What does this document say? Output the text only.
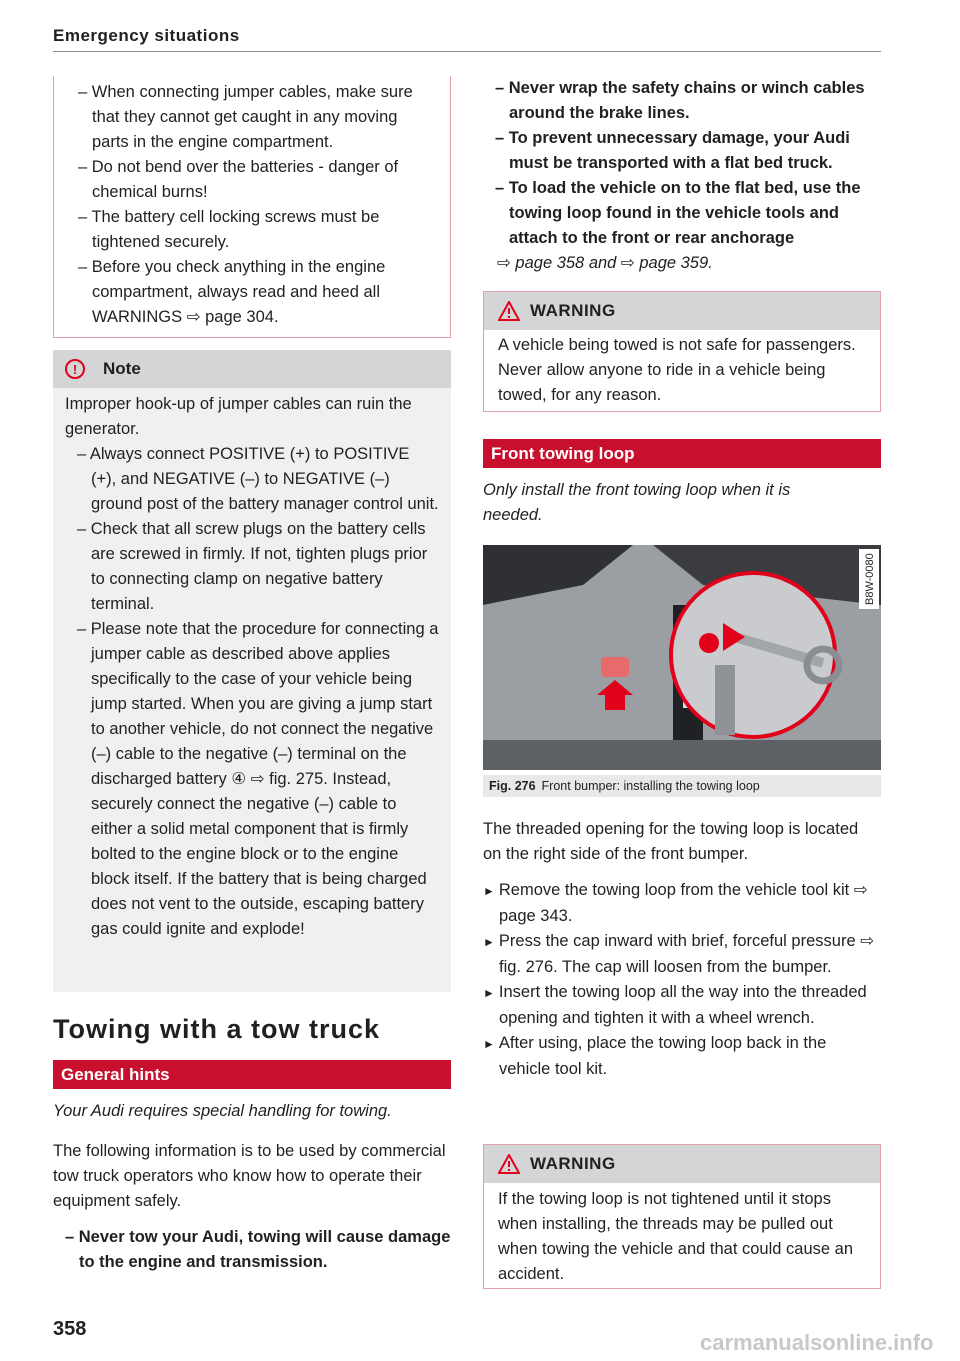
Emergency situations

– When connecting jumper cables, make sure that they cannot get caught in any moving parts in the engine compartment.

– Do not bend over the batteries - danger of chemical burns!

– The battery cell locking screws must be tightened securely.

– Before you check anything in the engine compartment, always read and heed all WARNINGS ⇨ page 304.

!	Note

Improper hook-up of jumper cables can ruin the generator.

– Always connect POSITIVE (+) to POSITIVE (+), and NEGATIVE (–) to NEGATIVE (–) ground post of the battery manager control unit.

– Check that all screw plugs on the battery cells are screwed in firmly. If not, tighten plugs prior to connecting clamp on negative battery terminal.

– Please note that the procedure for connecting a jumper cable as described above applies specifically to the case of your vehicle being jump started. When you are giving a jump start to another vehicle, do not connect the negative (–) cable to the negative (–) terminal on the discharged battery ④ ⇨ fig. 275. Instead, securely connect the negative (–) cable to either a solid metal component that is firmly bolted to the engine block or to the engine block itself. If the battery that is being charged does not vent to the outside, escaping battery gas could ignite and explode!

Towing with a tow truck
General hints
Your Audi requires special handling for towing.
The following information is to be used by commercial tow truck operators who know how to operate their equipment safely.
– Never tow your Audi, towing will cause damage to the engine and transmission.
358

– Never wrap the safety chains or winch cables around the brake lines.

– To prevent unnecessary damage, your Audi must be transported with a flat bed truck.

– To load the vehicle on to the flat bed, use the towing loop found in the vehicle tools and attach to the front or rear anchorage

⇨ page 358 and ⇨ page 359.

WARNING

A vehicle being towed is not safe for passengers. Never allow anyone to ride in a vehicle being towed, for any reason.

Front towing loop
Only install the front towing loop when it is needed.
B8W-0080
Fig. 276 Front bumper: installing the towing loop
The threaded opening for the towing loop is located on the right side of the front bumper.

► Remove the towing loop from the vehicle tool kit ⇨ page 343.

► Press the cap inward with brief, forceful pressure ⇨ fig. 276. The cap will loosen from the bumper.

► Insert the towing loop all the way into the threaded opening and tighten it with a wheel wrench.

► After using, place the towing loop back in the vehicle tool kit.

WARNING

If the towing loop is not tightened until it stops when installing, the threads may be pulled out when towing the vehicle and that could cause an accident.

carmanualsonline.info
